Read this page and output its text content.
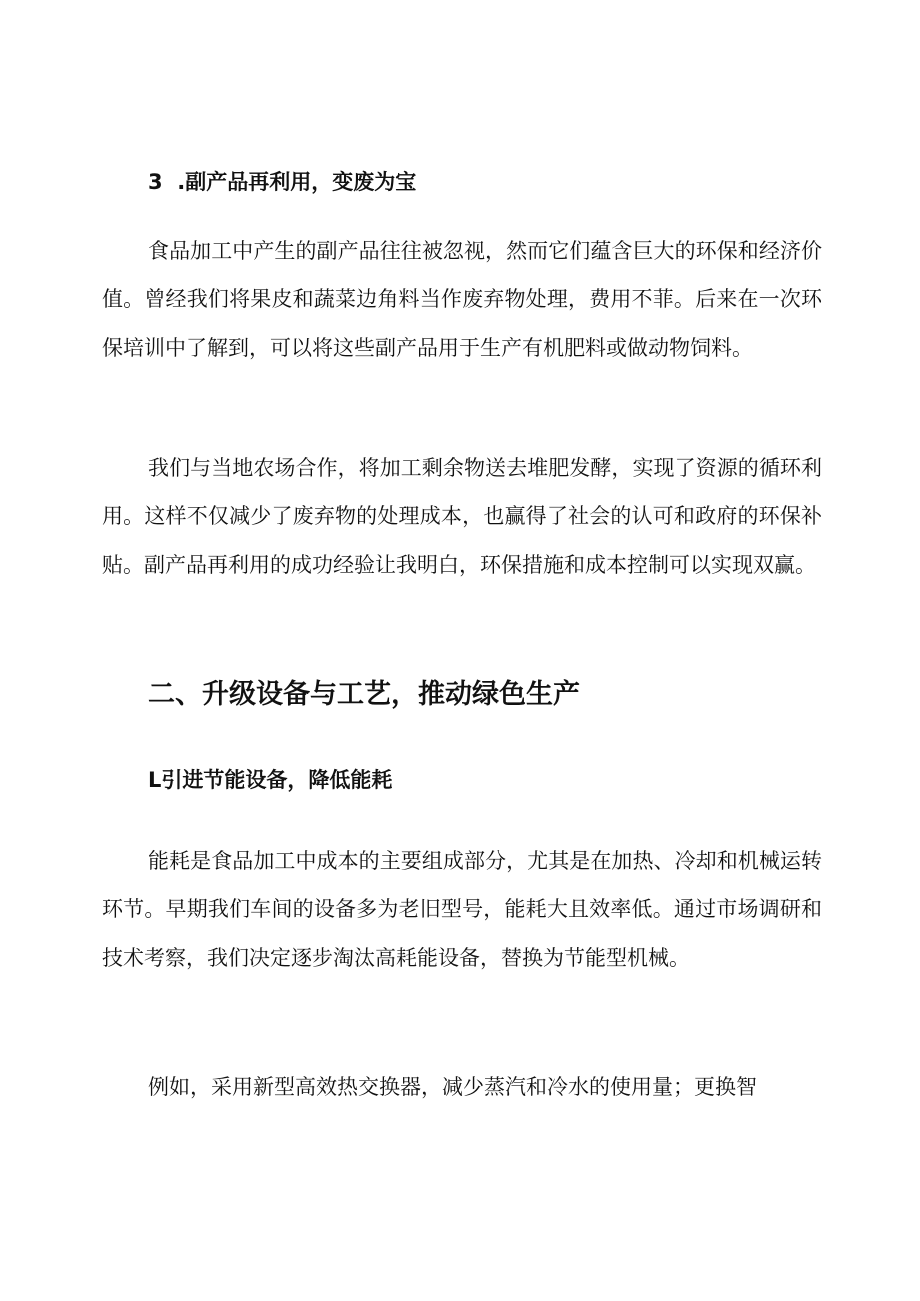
3  .副产品再利用，变废为宝

食品加工中产生的副产品往往被忽视，然而它们蕴含巨大的环保和经济价值。曾经我们将果皮和蔬菜边角料当作废弃物处理，费用不菲。后来在一次环保培训中了解到，可以将这些副产品用于生产有机肥料或做动物饲料。

我们与当地农场合作，将加工剩余物送去堆肥发酵，实现了资源的循环利用。这样不仅减少了废弃物的处理成本，也赢得了社会的认可和政府的环保补贴。副产品再利用的成功经验让我明白，环保措施和成本控制可以实现双赢。

二、升级设备与工艺，推动绿色生产
L引进节能设备，降低能耗

能耗是食品加工中成本的主要组成部分，尤其是在加热、冷却和机械运转环节。早期我们车间的设备多为老旧型号，能耗大且效率低。通过市场调研和技术考察，我们决定逐步淘汰高耗能设备，替换为节能型机械。

例如，采用新型高效热交换器，减少蒸汽和冷水的使用量；更换智
